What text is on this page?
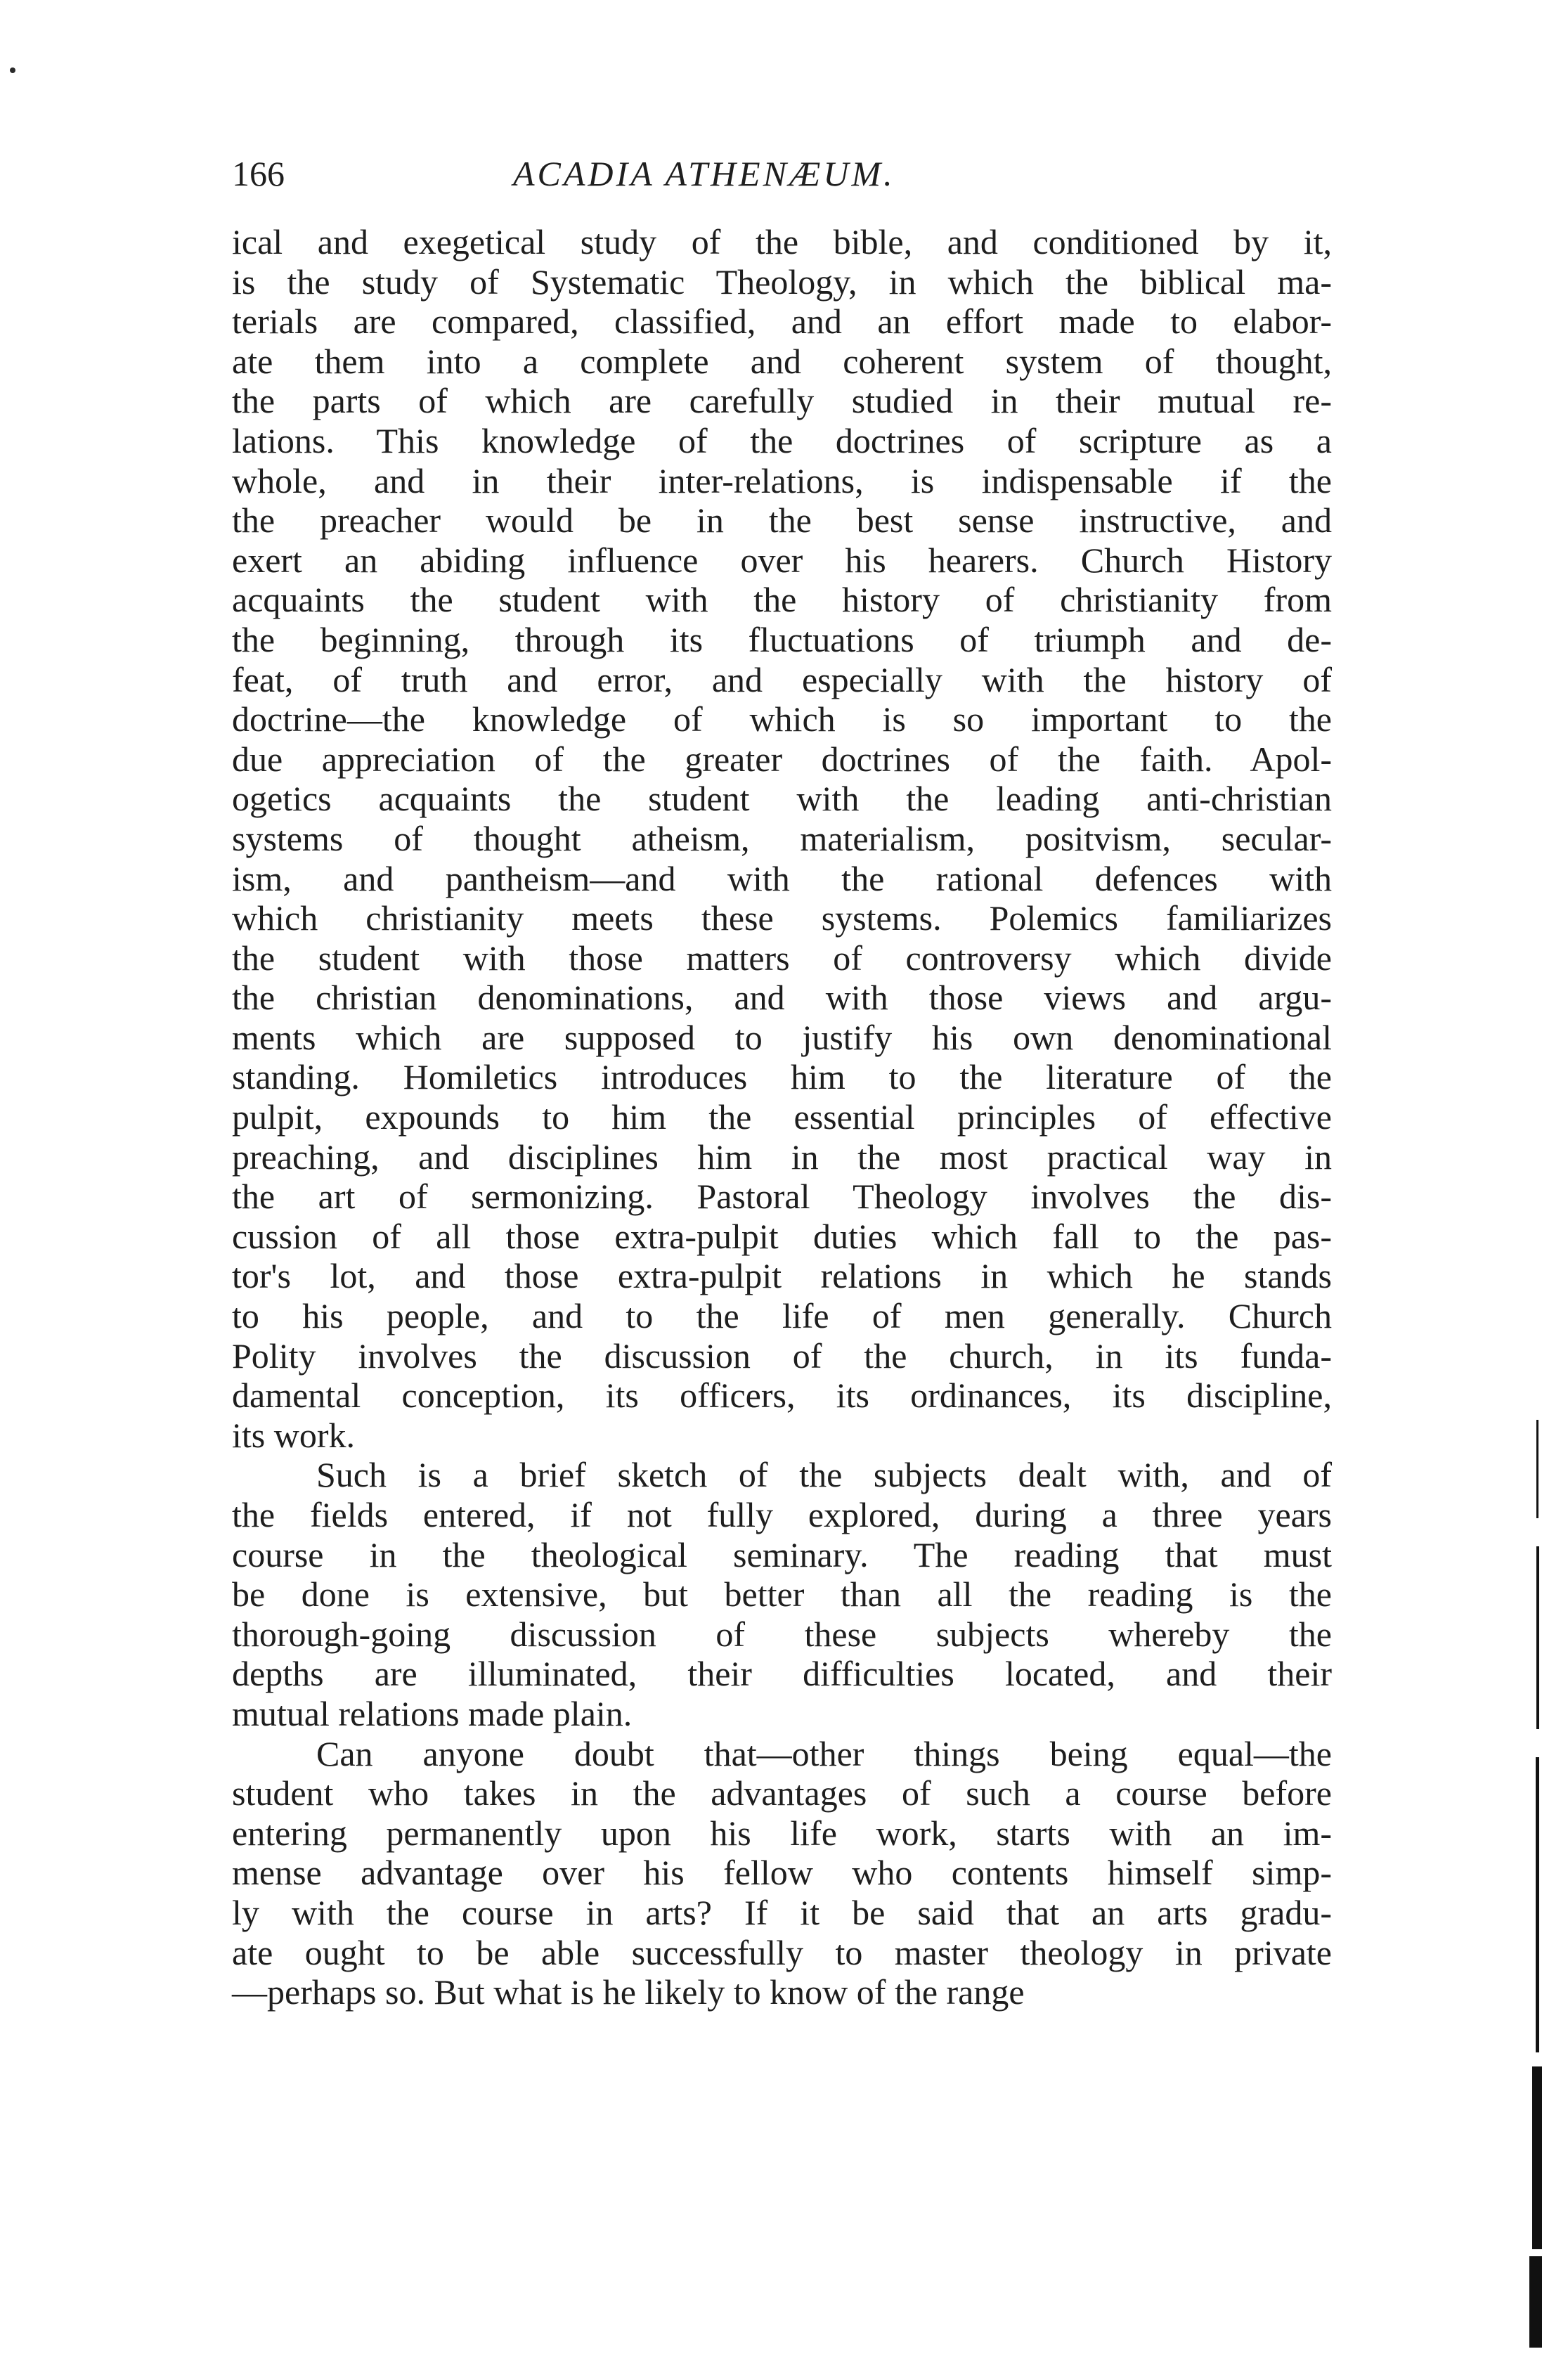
166	ACADIA ATHENÆUM.
ical and exegetical study of the bible, and conditioned by it,
is the study of Systematic Theology, in which the biblical ma-
terials are compared, classified, and an effort made to elabor-
ate them into a complete and coherent system of thought,
the parts of which are carefully studied in their mutual re-
lations. This knowledge of the doctrines of scripture as a
whole, and in their inter-relations, is indispensable if the
the preacher would be in the best sense instructive, and
exert an abiding influence over his hearers. Church History
acquaints the student with the history of christianity from
the beginning, through its fluctuations of triumph and de-
feat, of truth and error, and especially with the history of
doctrine—the knowledge of which is so important to the
due appreciation of the greater doctrines of the faith. Apol-
ogetics acquaints the student with the leading anti-christian
systems of thought atheism, materialism, positvism, secular-
ism, and pantheism—and with the rational defences with
which christianity meets these systems. Polemics familiarizes
the student with those matters of controversy which divide
the christian denominations, and with those views and argu-
ments which are supposed to justify his own denominational
standing. Homiletics introduces him to the literature of the
pulpit, expounds to him the essential principles of effective
preaching, and disciplines him in the most practical way in
the art of sermonizing. Pastoral Theology involves the dis-
cussion of all those extra-pulpit duties which fall to the pas-
tor's lot, and those extra-pulpit relations in which he stands
to his people, and to the life of men generally. Church
Polity involves the discussion of the church, in its funda-
damental conception, its officers, its ordinances, its discipline,
its work.
Such is a brief sketch of the subjects dealt with, and of
the fields entered, if not fully explored, during a three years
course in the theological seminary. The reading that must
be done is extensive, but better than all the reading is the
thorough-going discussion of these subjects whereby the
depths are illuminated, their difficulties located, and their
mutual relations made plain.
Can anyone doubt that—other things being equal—the
student who takes in the advantages of such a course before
entering permanently upon his life work, starts with an im-
mense advantage over his fellow who contents himself simp-
ly with the course in arts? If it be said that an arts gradu-
ate ought to be able successfully to master theology in private
—perhaps so. But what is he likely to know of the range
